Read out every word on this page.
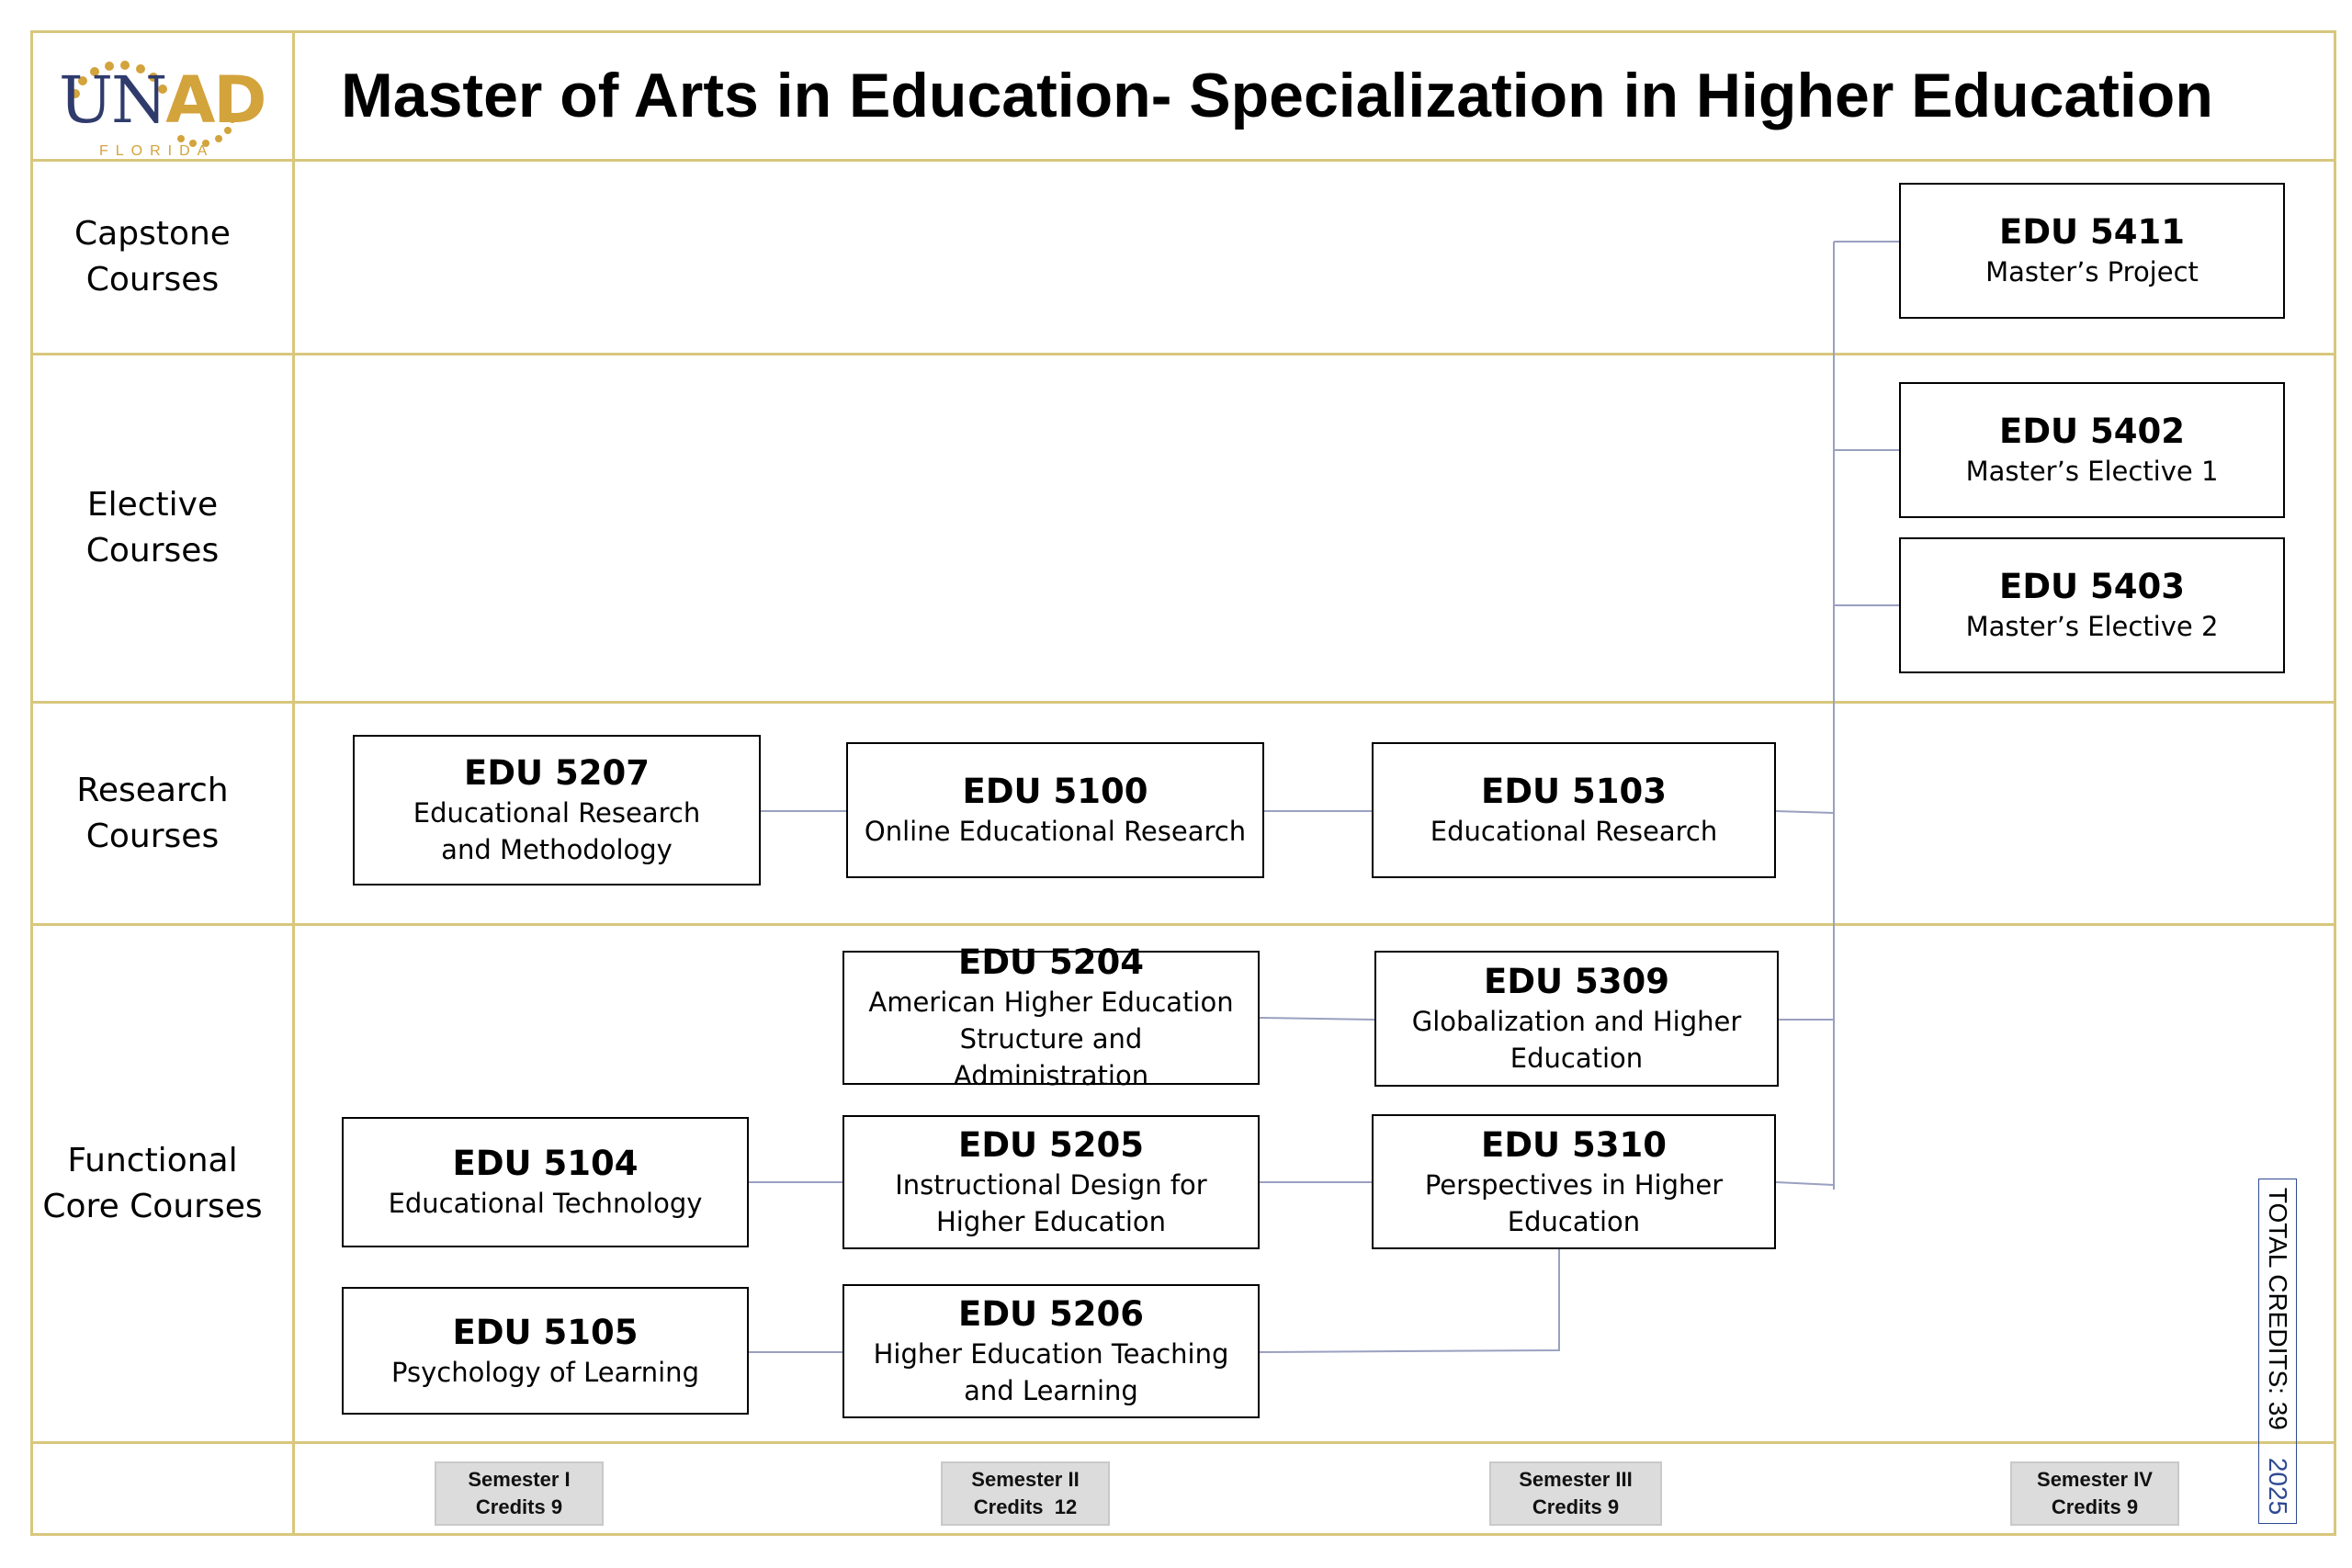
UNAD
FLORIDA
Master of Arts in Education- Specialization in Higher Education
Capstone Courses
Elective Courses
Research Courses
Functional Core Courses
EDU 5411
Master’s Project
EDU 5402
Master’s Elective 1
EDU 5403
Master’s Elective 2
EDU 5207
Educational Research and Methodology
EDU 5100
Online Educational Research
EDU 5103
Educational Research
EDU 5204
American Higher Education Structure and Administration
EDU 5309
Globalization and Higher Education
EDU 5104
Educational Technology
EDU 5205
Instructional Design for Higher Education
EDU 5310
Perspectives in Higher Education
EDU 5105
Psychology of Learning
EDU 5206
Higher Education Teaching and Learning
Semester I
Credits 9
Semester II
Credits  12
Semester III
Credits 9
Semester IV
Credits 9
TOTAL CREDITS: 392025
